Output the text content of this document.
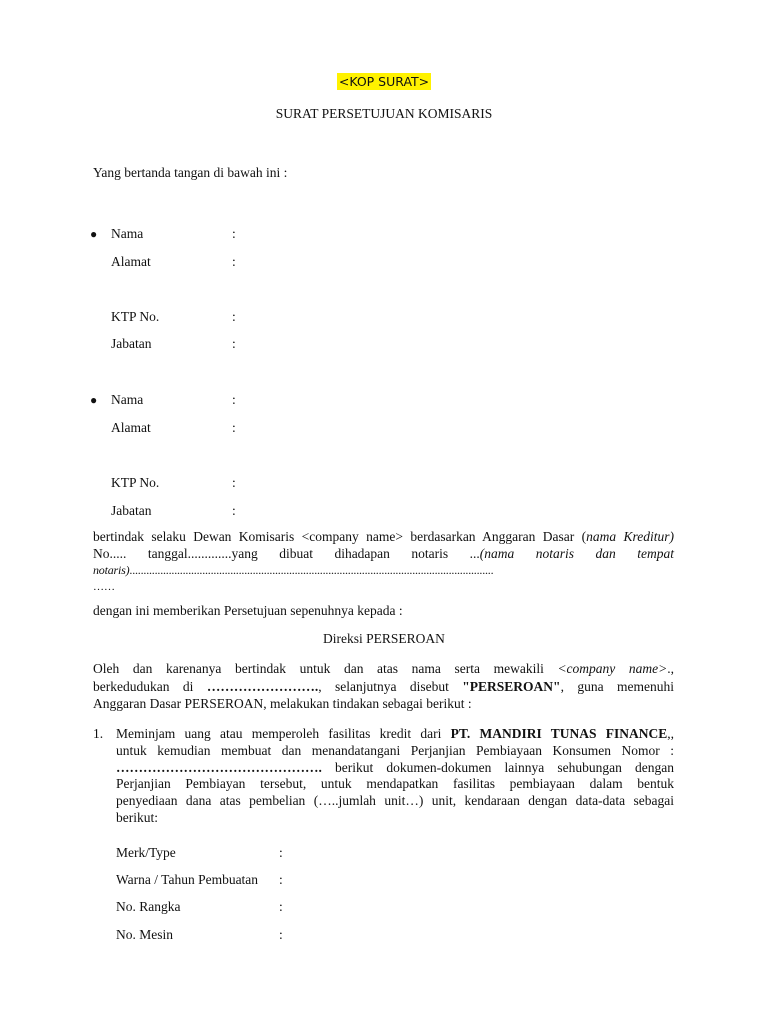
<KOP SURAT>
SURAT PERSETUJUAN KOMISARIS
Yang bertanda tangan di bawah ini :
● Nama	:
Alamat	:
KTP No.	:
Jabatan	:
● Nama	:
Alamat	:
KTP No.	:
Jabatan	:
bertindak selaku Dewan Komisaris <company name> berdasarkan Anggaran Dasar (nama Kreditur)
No..... tanggal.............yang dibuat dihadapan notaris ...(nama notaris dan tempat
notaris)..................................................................................................................................
……
dengan ini memberikan Persetujuan sepenuhnya kepada :
Direksi PERSEROAN
Oleh dan karenanya bertindak untuk dan atas nama serta mewakili <company name>.,
berkedudukan di ……………………., selanjutnya disebut "PERSEROAN", guna memenuhi
Anggaran Dasar PERSEROAN, melakukan tindakan sebagai berikut :
1. Meminjam uang atau memperoleh fasilitas kredit dari PT. MANDIRI TUNAS FINANCE,,
untuk kemudian membuat dan menandatangani Perjanjian Pembiayaan Konsumen Nomor :
………………………………………. berikut dokumen-dokumen lainnya sehubungan dengan
Perjanjian Pembiayan tersebut, untuk mendapatkan fasilitas pembiayaan dalam bentuk
penyediaan dana atas pembelian (…..jumlah unit…) unit, kendaraan dengan data-data sebagai
berikut:
Merk/Type	:
Warna / Tahun Pembuatan :
No. Rangka	:
No. Mesin	:
